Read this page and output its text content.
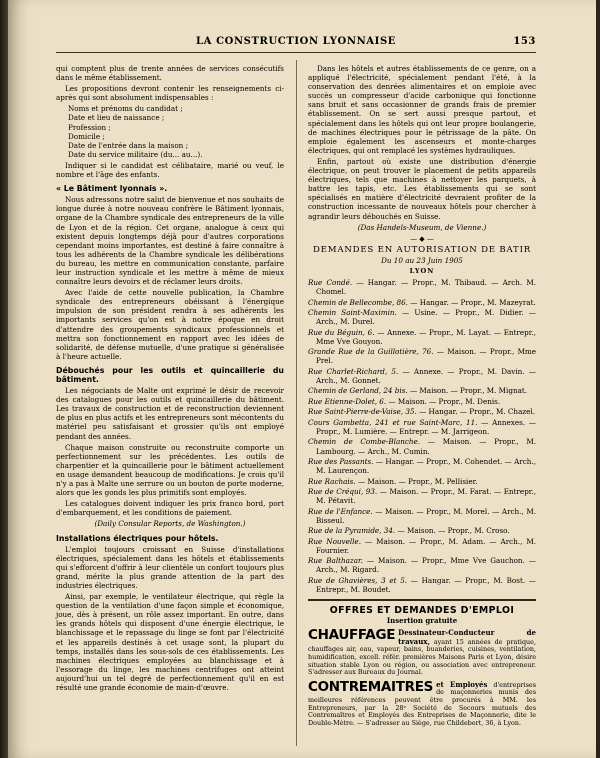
LA CONSTRUCTION LYONNAISE	153

qui comptent plus de trente années de services consécutifs dans le même établissement.

Les propositions devront contenir les renseignements ci-après qui sont absolument indispensables :

Noms et prénoms du candidat ;
Date et lieu de naissance ;
Profession ;
Domicile ;
Date de l'entrée dans la maison ;
Date du service militaire (du... au...).

Indiquer si le candidat est célibataire, marié ou veuf, le nombre et l'âge des enfants.

« Le Bâtiment lyonnais ».

Nous adressons notre salut de bienvenue et nos souhaits de longue durée à notre nouveau confrère le Bâtiment lyonnais, organe de la Chambre syndicale des entrepreneurs de la ville de Lyon et de la région. Cet organe, analogue à ceux qui existent depuis longtemps déjà pour d'autres corporations cependant moins importantes, est destiné à faire connaître à tous les adhérents de la Chambre syndicale les délibérations du bureau, les mettre en communication constante, parfaire leur instruction syndicale et les mettre à même de mieux connaître leurs devoirs et de réclamer leurs droits.

Avec l'aide de cette nouvelle publication, la Chambre syndicale des entrepreneurs obéissant à l'énergique impulsion de son président rendra à ses adhérents les importants services qu'on est à notre époque en droit d'attendre des groupements syndicaux professionnels et mettra son fonctionnement en rapport avec les idées de solidarité, de défense mutuelle, d'une pratique si généralisée à l'heure actuelle.

Débouchés pour les outils et quincaillerie du bâtiment.

Les négociants de Malte ont exprimé le désir de recevoir des catalogues pour les outils et quincaillerie du bâtiment. Les travaux de construction et de reconstruction deviennent de plus en plus actifs et les entrepreneurs sont mécontents du matériel peu satisfaisant et grossier qu'ils ont employé pendant des années.

Chaque maison construite ou reconstruite comporte un perfectionnement sur les précédentes. Les outils de charpentier et la quincaillerie pour le bâtiment actuellement en usage demandent beaucoup de modifications. Je crois qu'il n'y a pas à Malte une serrure ou un bouton de porte moderne, alors que les gonds les plus primitifs sont employés.

Les catalogues doivent indiquer les prix franco bord, port d'embarquement, et les conditions de paiement.

(Daily Consular Reports, de Washington.)
Installations électriques pour hôtels.

L'emploi toujours croissant en Suisse d'installations électriques, spécialement dans les hôtels et établissements qui s'efforcent d'offrir à leur clientèle un confort toujours plus grand, mérite la plus grande attention de la part des industries électriques.

Ainsi, par exemple, le ventilateur électrique, qui règle la question de la ventilation d'une façon simple et économique, joue, dès à présent, un rôle assez important. En outre, dans les grands hôtels qui disposent d'une énergie électrique, le blanchissage et le repassage du linge se font par l'électricité et les appareils destinés à cet usage sont, la plupart du temps, installés dans les sous-sols de ces établissements. Les machines électriques employées au blanchissage et à l'essorage du linge, les machines centrifuges ont atteint aujourd'hui un tel degré de perfectionnement qu'il en est résulté une grande économie de main-d'œuvre.

Dans les hôtels et autres établissements de ce genre, on a appliqué l'électricité, spécialement pendant l'été, à la conservation des denrées alimentaires et on emploie avec succès un compresseur d'acide carbonique qui fonctionne sans bruit et sans occasionner de grands frais de premier établissement. On se sert aussi presque partout, et spécialement dans les hôtels qui ont leur propre boulangerie, de machines électriques pour le pétrissage de la pâte. On emploie également les ascenseurs et monte-charges électriques, qui ont remplacé les systèmes hydrauliques.

Enfin, partout où existe une distribution d'énergie électrique, on peut trouver le placement de petits appareils électriques, tels que machines à nettoyer les parquets, à battre les tapis, etc. Les établissements qui se sont spécialisés en matière d'électricité devraient profiter de la construction incessante de nouveaux hôtels pour chercher à agrandir leurs débouchés en Suisse.

(Das Handels-Museum, de Vienne.)
— ◆ —
DEMANDES EN AUTORISATION DE BATIR
Du 10 au 23 Juin 1905
LYON

Rue Condé. — Hangar. — Propr., M. Thibaud. — Arch. M. Chomel.

Chemin de Bellecombe, 86. — Hangar. — Propr., M. Mazeyrat.

Chemin Saint-Maximin. — Usine. — Propr., M. Didier. — Arch., M. Durel.

Rue du Béguin, 6. — Annexe. — Propr., M. Layat. — Entrepr., Mme Vve Gouyon.

Grande Rue de la Guillotière, 76. — Maison. — Propr., Mme Prel.

Rue Charlet-Richard, 5. — Annexe. — Propr., M. Davin. — Arch., M. Gonnet.

Chemin de Gerland, 24 bis. — Maison. — Propr., M. Mignat.

Rue Etienne-Dolet, 6. — Maison. — Propr., M. Denis.

Rue Saint-Pierre-de-Vaise, 35. — Hangar. — Propr., M. Chazel.

Cours Gambetta, 241 et rue Saint-Marc, 11. — Annexes. — Propr., M. Lumière. — Entrepr. — M. Jarrigeon.

Chemin de Combe-Blanche. — Maison. — Propr., M. Lambourg. — Arch., M. Cumin.

Rue des Passants. — Hangar. — Propr., M. Cohendet. — Arch., M. Laurençon.

Rue Rachais. — Maison. — Propr., M. Pellisier.

Rue de Créqui, 93. — Maison. — Propr., M. Farat. — Entrepr., M. Pétavit.

Rue de l'Enfance. — Maison. — Propr., M. Morel. — Arch., M. Bisseul.

Rue de la Pyramide, 34. — Maison. — Propr., M. Croso.

Rue Nouvelle. — Maison. — Propr., M. Adam. — Arch., M. Fournier.

Rue Balthazar. — Maison. — Propr., Mme Vve Gauchon. — Arch., M. Rigard.

Rue de Ghavières, 3 et 5. — Hangar. — Propr., M. Bost. — Entrepr., M. Boudet.

OFFRES ET DEMANDES D'EMPLOI
Insertion gratuite
CHAUFFAGE Dessinateur-Conducteur de travaux, ayant 15 années de pratique, chauffages air, eau, vapeur, bains, buanderies, cuisines, ventilation, humidification, excell. référ. premières Maisons Paris et Lyon, désire situation stable Lyon ou région, ou association avec entrepreneur. S'adresser aux Bureaux du Journal.
CONTREMAITRES et Employés d'entreprises de maçonneries munis des meilleures références peuvent être procurés à MM. les Entrepreneurs, par la 28ᵉ Société de Secours mutuels des Contremaîtres et Employés des Entreprises de Maçonnerie, dite le Double-Mètre. — S'adresser au Siège, rue Childebert, 36, à Lyon.
